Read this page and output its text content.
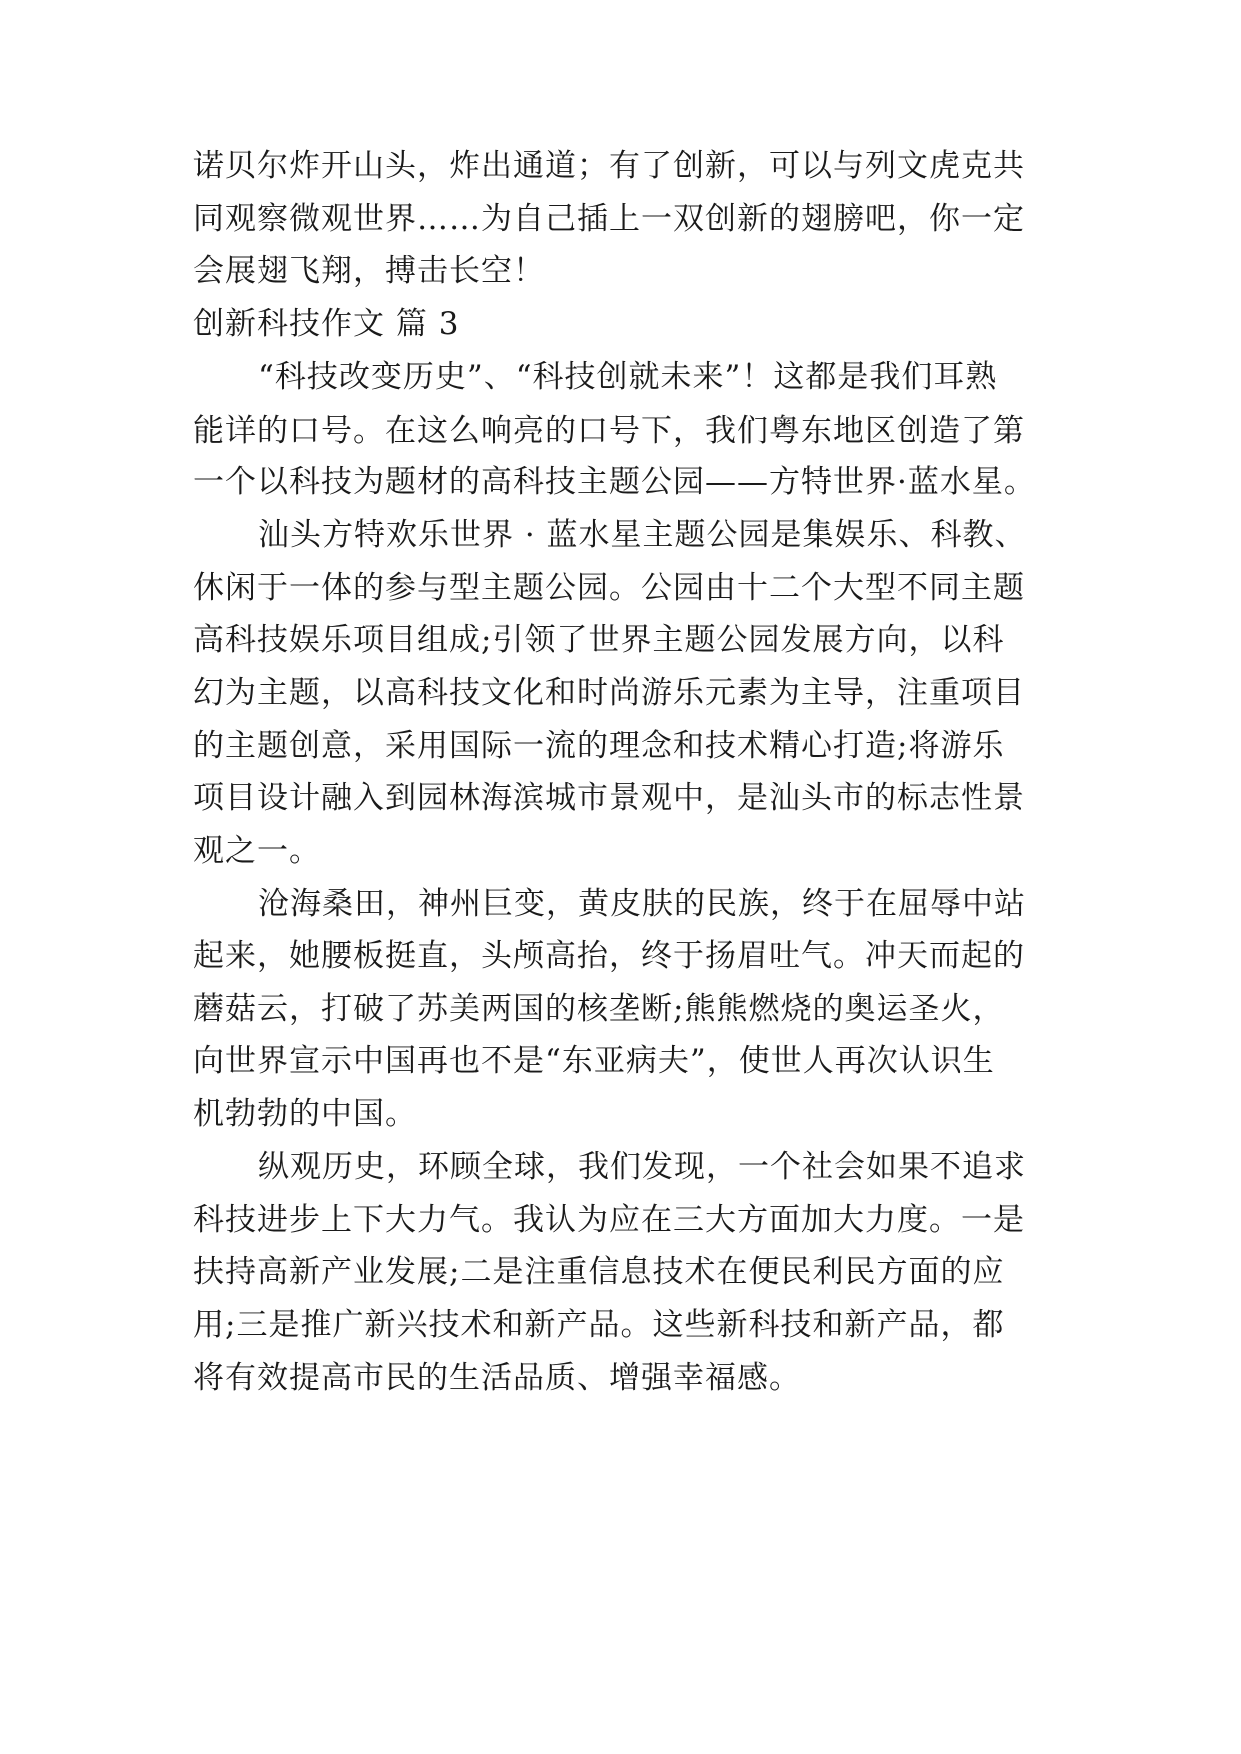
诺贝尔炸开山头，炸出通道；有了创新，可以与列文虎克共
同观察微观世界……为自己插上一双创新的翅膀吧，你一定
会展翅飞翔，搏击长空！
创新科技作文 篇 3
“科技改变历史”、“科技创就未来”！这都是我们耳熟
能详的口号。在这么响亮的口号下，我们粤东地区创造了第
一个以科技为题材的高科技主题公园——方特世界·蓝水星。
汕头方特欢乐世界 · 蓝水星主题公园是集娱乐、科教、
休闲于一体的参与型主题公园。公园由十二个大型不同主题
高科技娱乐项目组成;引领了世界主题公园发展方向，以科
幻为主题，以高科技文化和时尚游乐元素为主导，注重项目
的主题创意，采用国际一流的理念和技术精心打造;将游乐
项目设计融入到园林海滨城市景观中，是汕头市的标志性景
观之一。
沧海桑田，神州巨变，黄皮肤的民族，终于在屈辱中站
起来，她腰板挺直，头颅高抬，终于扬眉吐气。冲天而起的
蘑菇云，打破了苏美两国的核垄断;熊熊燃烧的奥运圣火，
向世界宣示中国再也不是“东亚病夫”，使世人再次认识生
机勃勃的中国。
纵观历史，环顾全球，我们发现，一个社会如果不追求
科技进步上下大力气。我认为应在三大方面加大力度。一是
扶持高新产业发展;二是注重信息技术在便民利民方面的应
用;三是推广新兴技术和新产品。这些新科技和新产品，都
将有效提高市民的生活品质、增强幸福感。
